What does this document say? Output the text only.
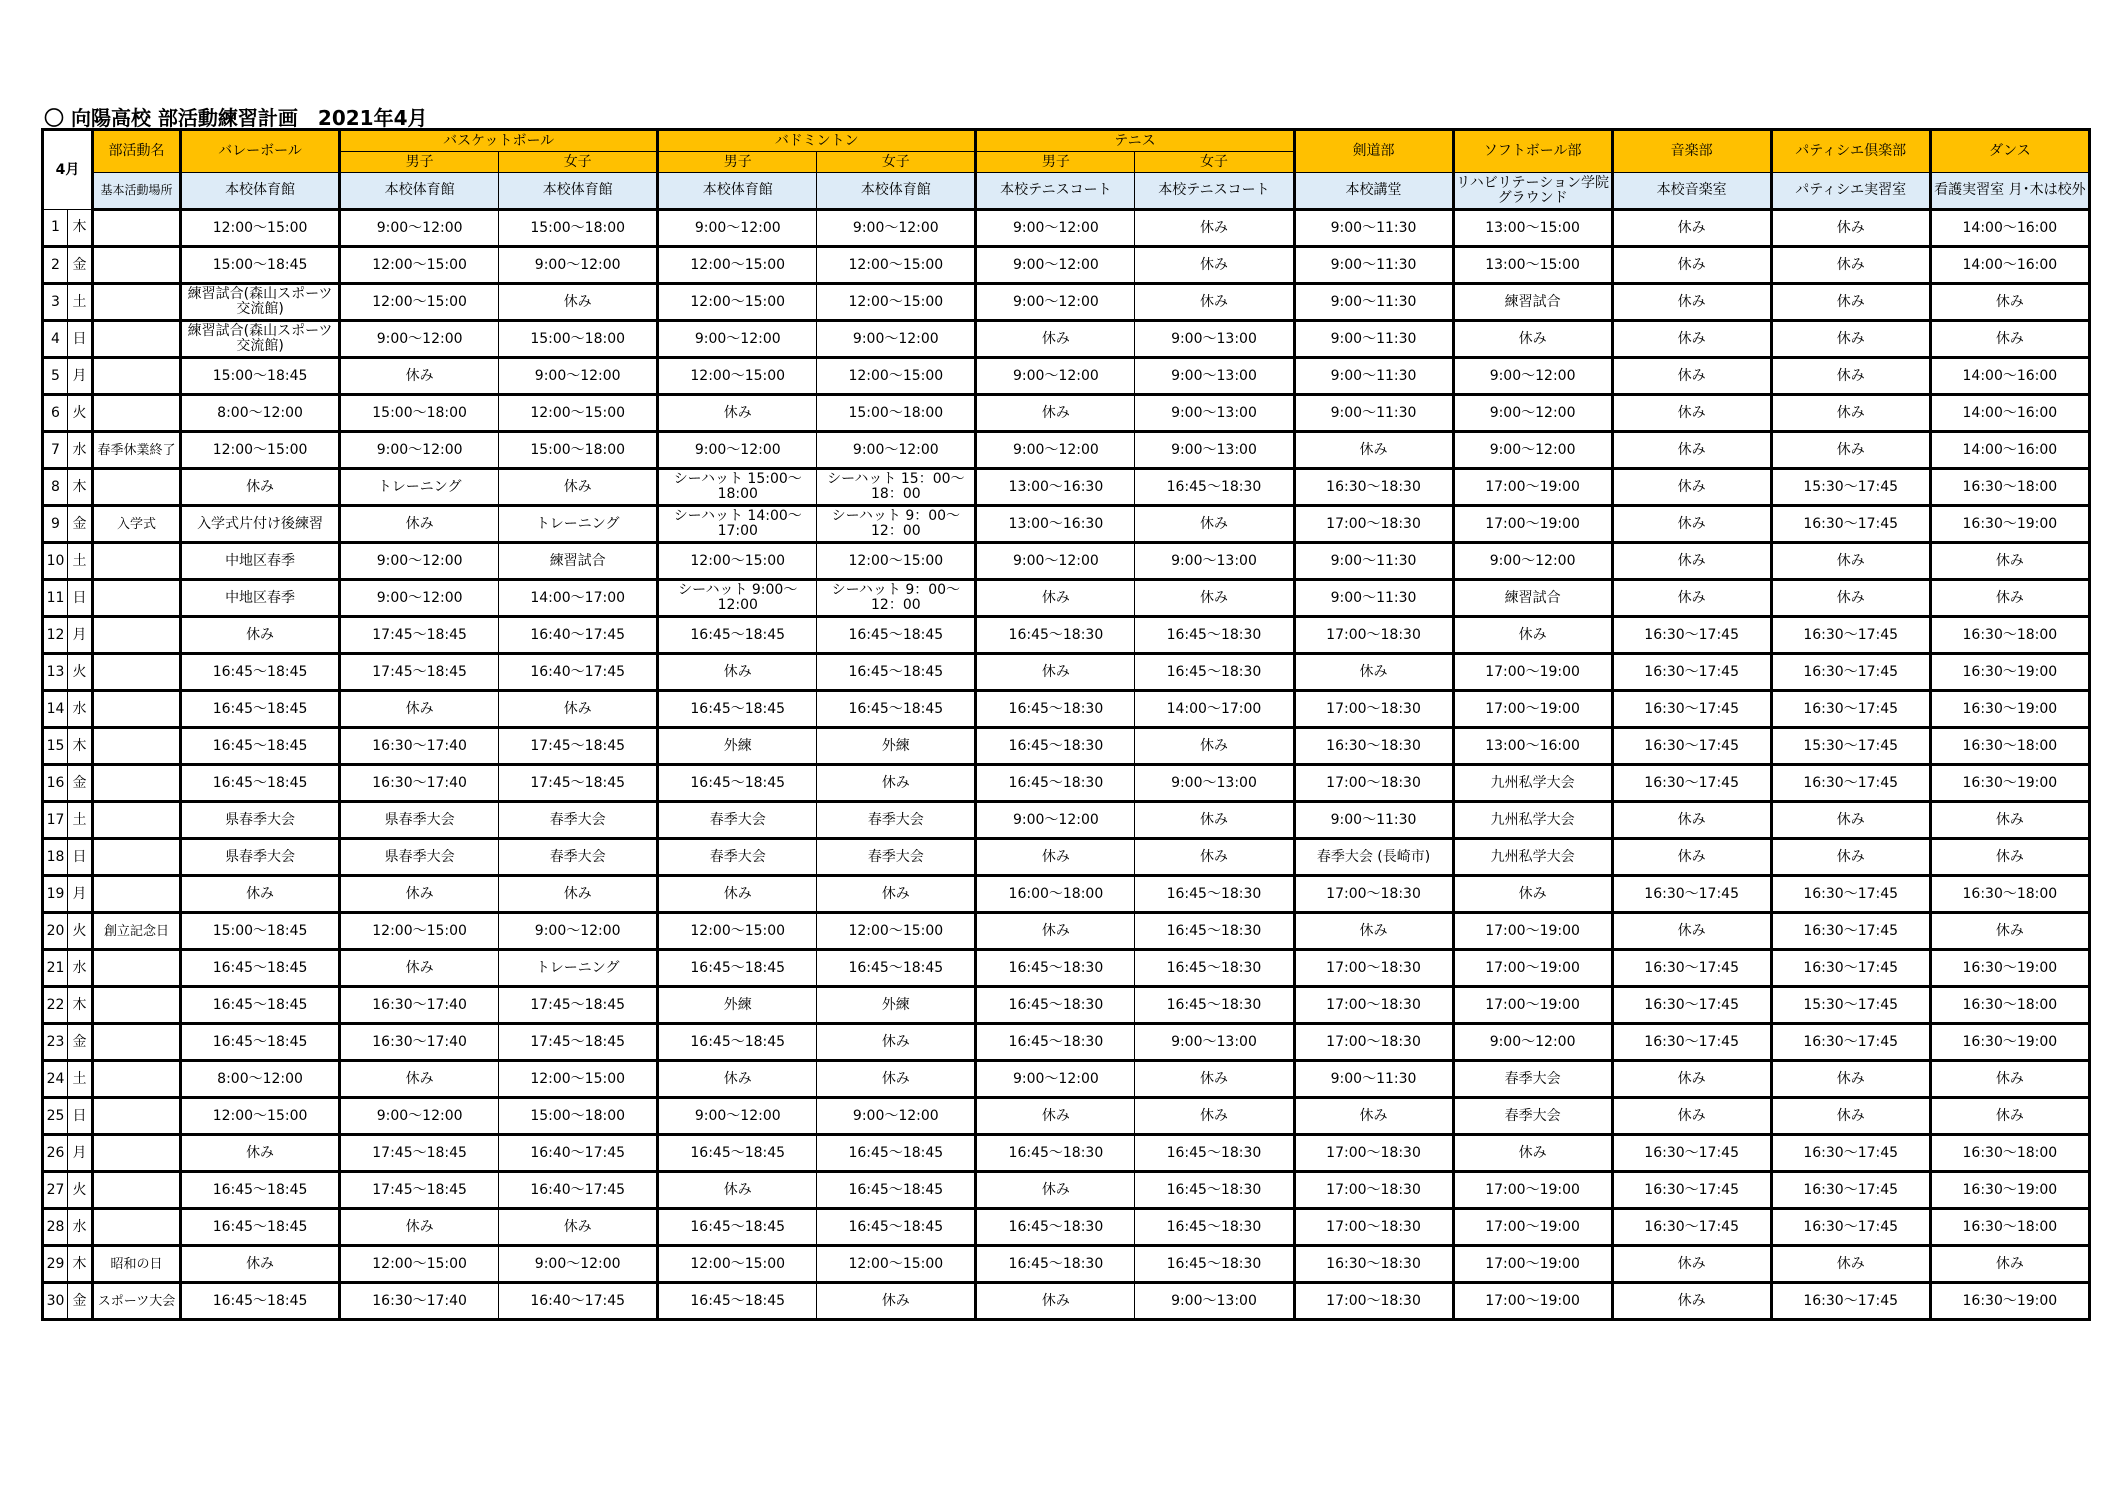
〇 向陽高校 部活動練習計画　2021年4月
4月		部活動名	バレーボール	バスケットボール		バドミントン		テニス		剣道部	ソフトボール部	音楽部	パティシエ倶楽部	ダンス
				男子	女子	男子	女子	男子	女子					
		基本活動場所	本校体育館	本校体育館	本校体育館	本校体育館	本校体育館	本校テニスコート	本校テニスコート	本校講堂	リハビリテーション学院グラウンド	本校音楽室	パティシエ実習室	看護実習室 月･木は校外
1	木		12:00～15:00	9:00～12:00	15:00～18:00	9:00～12:00	9:00～12:00	9:00～12:00	休み	9:00～11:30	13:00～15:00	休み	休み	14:00～16:00
2	金		15:00～18:45	12:00～15:00	9:00～12:00	12:00～15:00	12:00～15:00	9:00～12:00	休み	9:00～11:30	13:00～15:00	休み	休み	14:00～16:00
3	土		練習試合(森山スポーツ交流館)	12:00～15:00	休み	12:00～15:00	12:00～15:00	9:00～12:00	休み	9:00～11:30	練習試合	休み	休み	休み
4	日		練習試合(森山スポーツ交流館)	9:00～12:00	15:00～18:00	9:00～12:00	9:00～12:00	休み	9:00～13:00	9:00～11:30	休み	休み	休み	休み
5	月		15:00～18:45	休み	9:00～12:00	12:00～15:00	12:00～15:00	9:00～12:00	9:00～13:00	9:00～11:30	9:00～12:00	休み	休み	14:00～16:00
6	火		8:00～12:00	15:00～18:00	12:00～15:00	休み	15:00～18:00	休み	9:00～13:00	9:00～11:30	9:00～12:00	休み	休み	14:00～16:00
7	水	春季休業終了	12:00～15:00	9:00～12:00	15:00～18:00	9:00～12:00	9:00～12:00	9:00～12:00	9:00～13:00	休み	9:00～12:00	休み	休み	14:00～16:00
8	木		休み	トレーニング	休み	シーハット 15:00～18:00	シーハット 15：00～18：00	13:00～16:30	16:45～18:30	16:30～18:30	17:00～19:00	休み	15:30～17:45	16:30～18:00
9	金	入学式	入学式片付け後練習	休み	トレーニング	シーハット 14:00～17:00	シーハット 9：00～12：00	13:00～16:30	休み	17:00～18:30	17:00～19:00	休み	16:30～17:45	16:30～19:00
10	土		中地区春季	9:00～12:00	練習試合	12:00～15:00	12:00～15:00	9:00～12:00	9:00～13:00	9:00～11:30	9:00～12:00	休み	休み	休み
11	日		中地区春季	9:00～12:00	14:00～17:00	シーハット 9:00～12:00	シーハット 9：00～12：00	休み	休み	9:00～11:30	練習試合	休み	休み	休み
12	月		休み	17:45～18:45	16:40～17:45	16:45～18:45	16:45～18:45	16:45～18:30	16:45～18:30	17:00～18:30	休み	16:30～17:45	16:30～17:45	16:30～18:00
13	火		16:45～18:45	17:45～18:45	16:40～17:45	休み	16:45～18:45	休み	16:45～18:30	休み	17:00～19:00	16:30～17:45	16:30～17:45	16:30～19:00
14	水		16:45～18:45	休み	休み	16:45～18:45	16:45～18:45	16:45～18:30	14:00～17:00	17:00～18:30	17:00～19:00	16:30～17:45	16:30～17:45	16:30～19:00
15	木		16:45～18:45	16:30～17:40	17:45～18:45	外練	外練	16:45～18:30	休み	16:30～18:30	13:00～16:00	16:30～17:45	15:30～17:45	16:30～18:00
16	金		16:45～18:45	16:30～17:40	17:45～18:45	16:45～18:45	休み	16:45～18:30	9:00～13:00	17:00～18:30	九州私学大会	16:30～17:45	16:30～17:45	16:30～19:00
17	土		県春季大会	県春季大会	春季大会	春季大会	春季大会	9:00～12:00	休み	9:00～11:30	九州私学大会	休み	休み	休み
18	日		県春季大会	県春季大会	春季大会	春季大会	春季大会	休み	休み	春季大会 (長崎市)	九州私学大会	休み	休み	休み
19	月		休み	休み	休み	休み	休み	16:00～18:00	16:45～18:30	17:00～18:30	休み	16:30～17:45	16:30～17:45	16:30～18:00
20	火	創立記念日	15:00～18:45	12:00～15:00	9:00～12:00	12:00～15:00	12:00～15:00	休み	16:45～18:30	休み	17:00～19:00	休み	16:30～17:45	休み
21	水		16:45～18:45	休み	トレーニング	16:45～18:45	16:45～18:45	16:45～18:30	16:45～18:30	17:00～18:30	17:00～19:00	16:30～17:45	16:30～17:45	16:30～19:00
22	木		16:45～18:45	16:30～17:40	17:45～18:45	外練	外練	16:45～18:30	16:45～18:30	17:00～18:30	17:00～19:00	16:30～17:45	15:30～17:45	16:30～18:00
23	金		16:45～18:45	16:30～17:40	17:45～18:45	16:45～18:45	休み	16:45～18:30	9:00～13:00	17:00～18:30	9:00～12:00	16:30～17:45	16:30～17:45	16:30～19:00
24	土		8:00～12:00	休み	12:00～15:00	休み	休み	9:00～12:00	休み	9:00～11:30	春季大会	休み	休み	休み
25	日		12:00～15:00	9:00～12:00	15:00～18:00	9:00～12:00	9:00～12:00	休み	休み	休み	春季大会	休み	休み	休み
26	月		休み	17:45～18:45	16:40～17:45	16:45～18:45	16:45～18:45	16:45～18:30	16:45～18:30	17:00～18:30	休み	16:30～17:45	16:30～17:45	16:30～18:00
27	火		16:45～18:45	17:45～18:45	16:40～17:45	休み	16:45～18:45	休み	16:45～18:30	17:00～18:30	17:00～19:00	16:30～17:45	16:30～17:45	16:30～19:00
28	水		16:45～18:45	休み	休み	16:45～18:45	16:45～18:45	16:45～18:30	16:45～18:30	17:00～18:30	17:00～19:00	16:30～17:45	16:30～17:45	16:30～18:00
29	木	昭和の日	休み	12:00～15:00	9:00～12:00	12:00～15:00	12:00～15:00	16:45～18:30	16:45～18:30	16:30～18:30	17:00～19:00	休み	休み	休み
30	金	スポーツ大会	16:45～18:45	16:30～17:40	16:40～17:45	16:45～18:45	休み	休み	9:00～13:00	17:00～18:30	17:00～19:00	休み	16:30～17:45	16:30～19:00
